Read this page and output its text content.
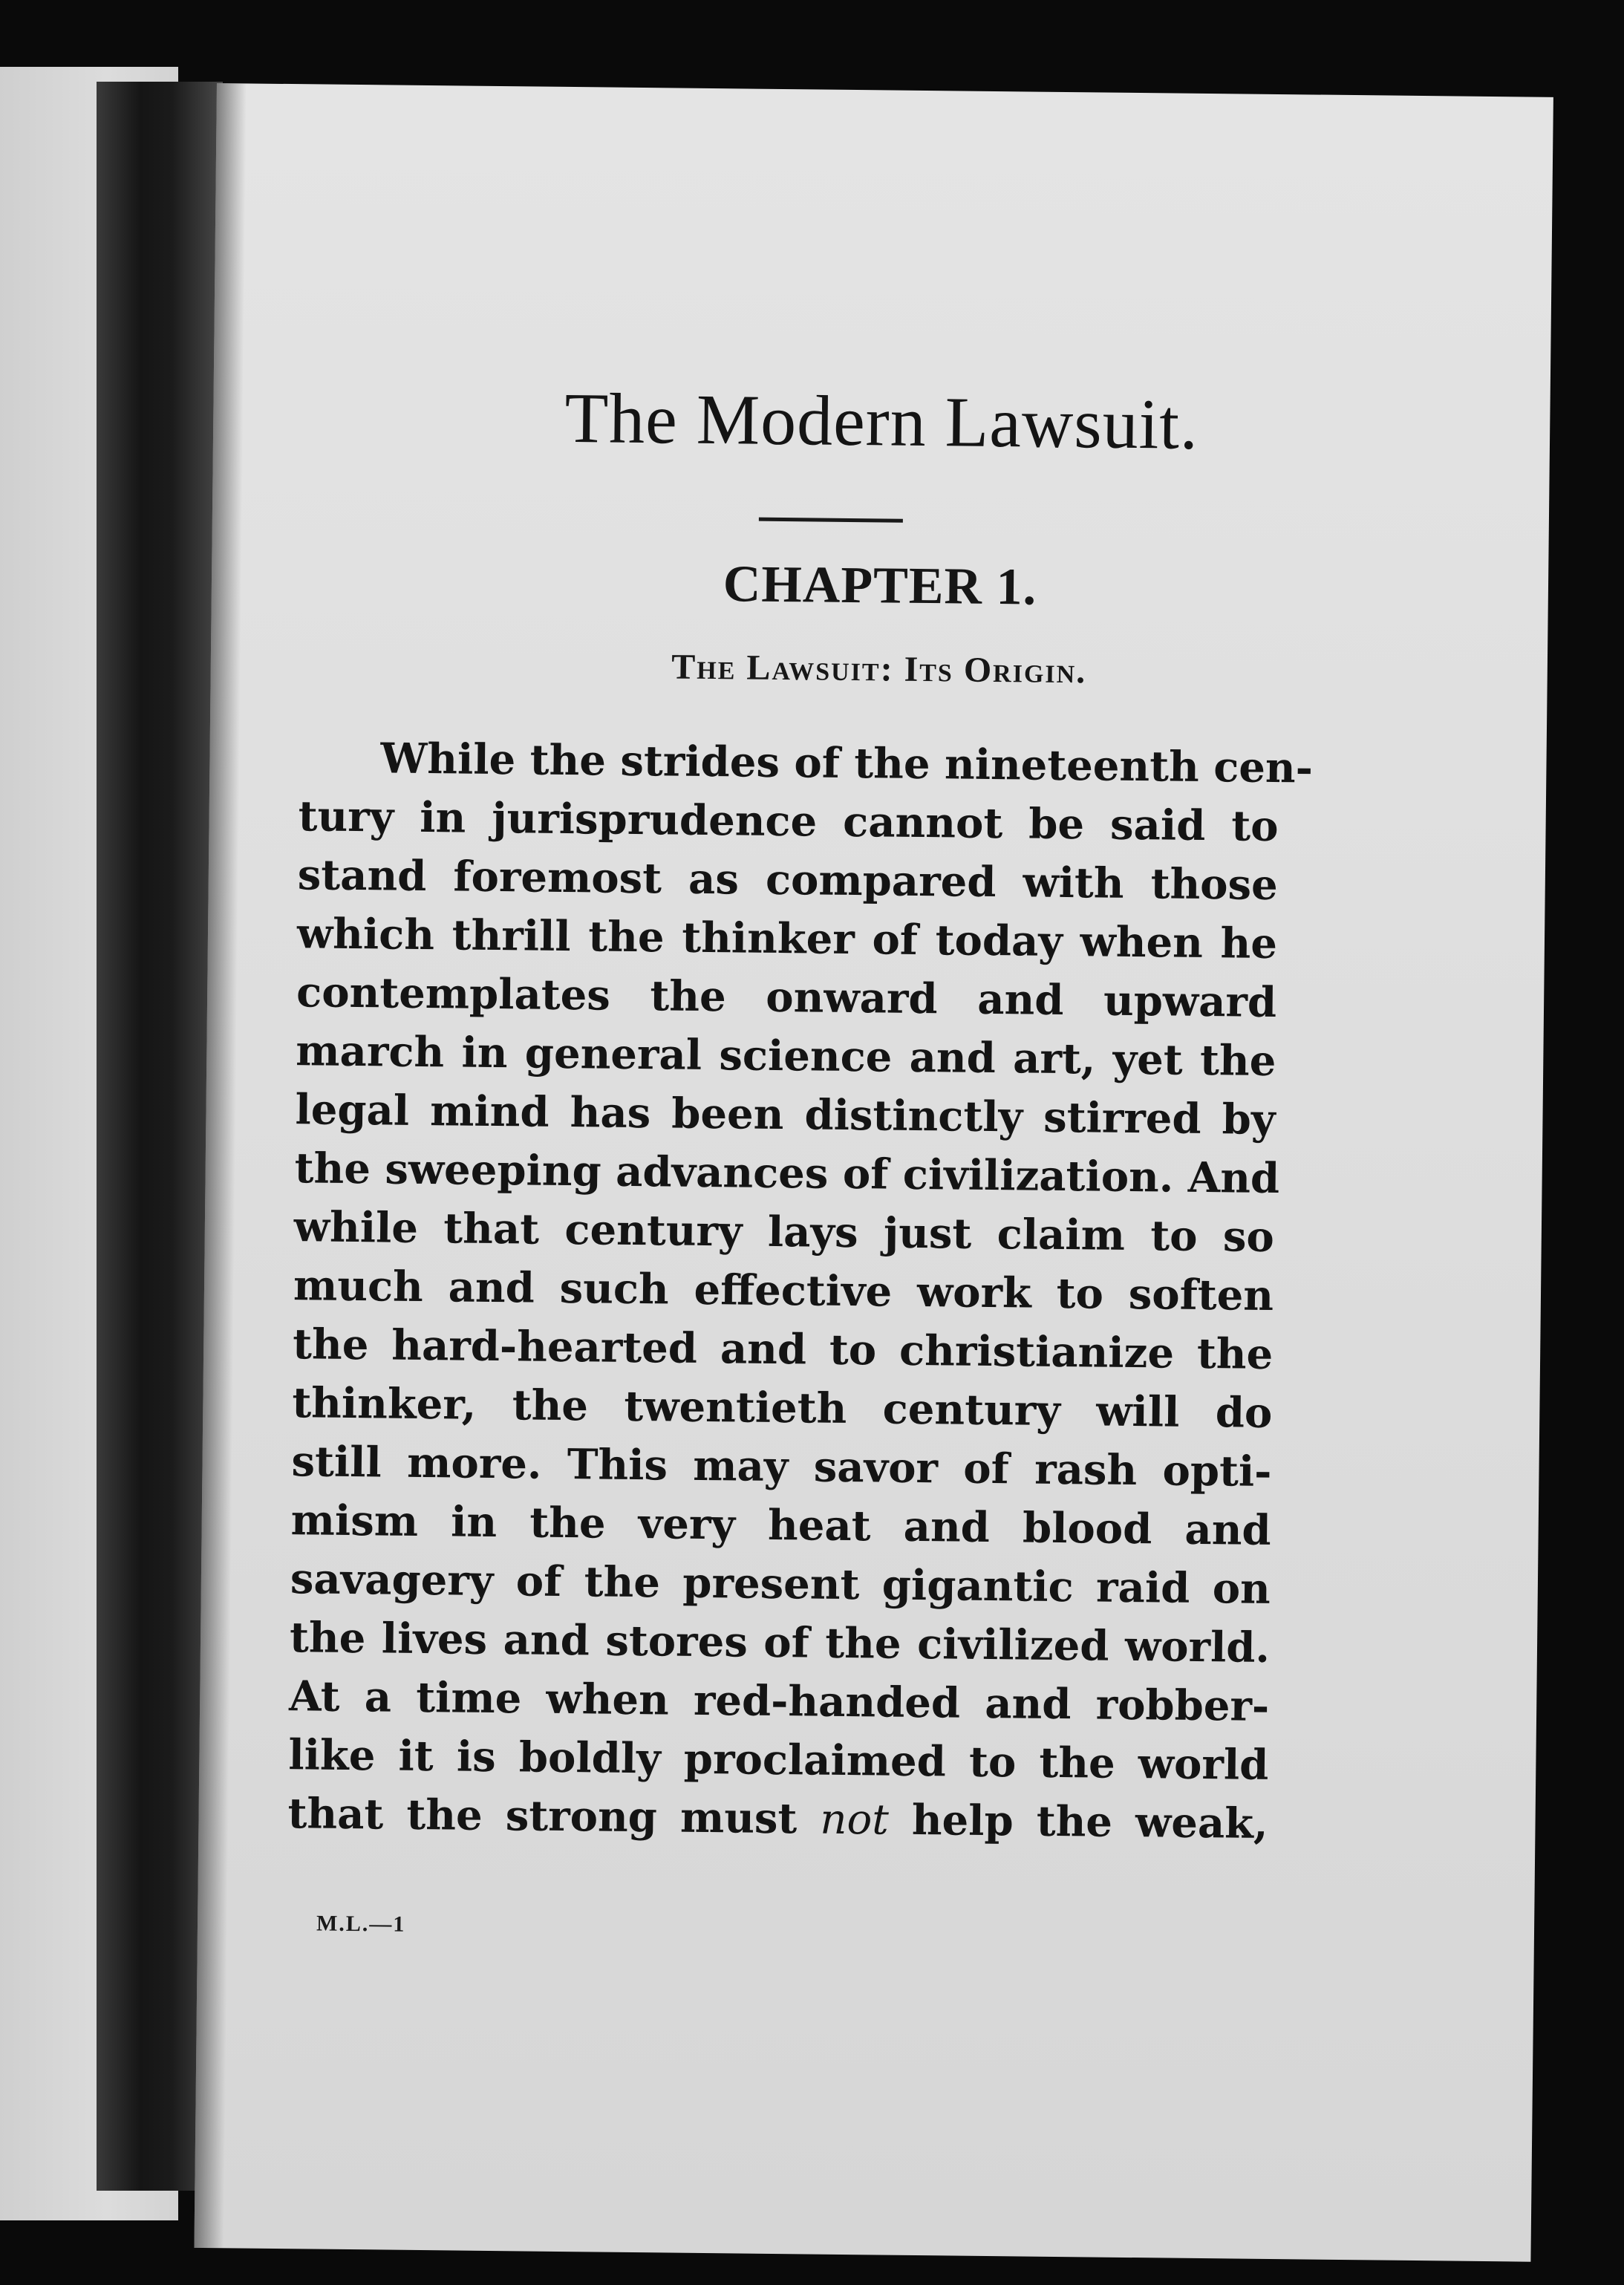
The Modern Lawsuit.
CHAPTER 1.
The Lawsuit: Its Origin.
While the strides of the nineteenth cen-
tury in jurisprudence cannot be said to
stand foremost as compared with those
which thrill the thinker of today when he
contemplates the onward and upward
march in general science and art, yet the
legal mind has been distinctly stirred by
the sweeping advances of civilization. And
while that century lays just claim to so
much and such effective work to soften
the hard-hearted and to christianize the
thinker, the twentieth century will do
still more. This may savor of rash opti-
mism in the very heat and blood and
savagery of the present gigantic raid on
the lives and stores of the civilized world.
At a time when red-handed and robber-
like it is boldly proclaimed to the world
that the strong must not help the weak,
M.L.—1
